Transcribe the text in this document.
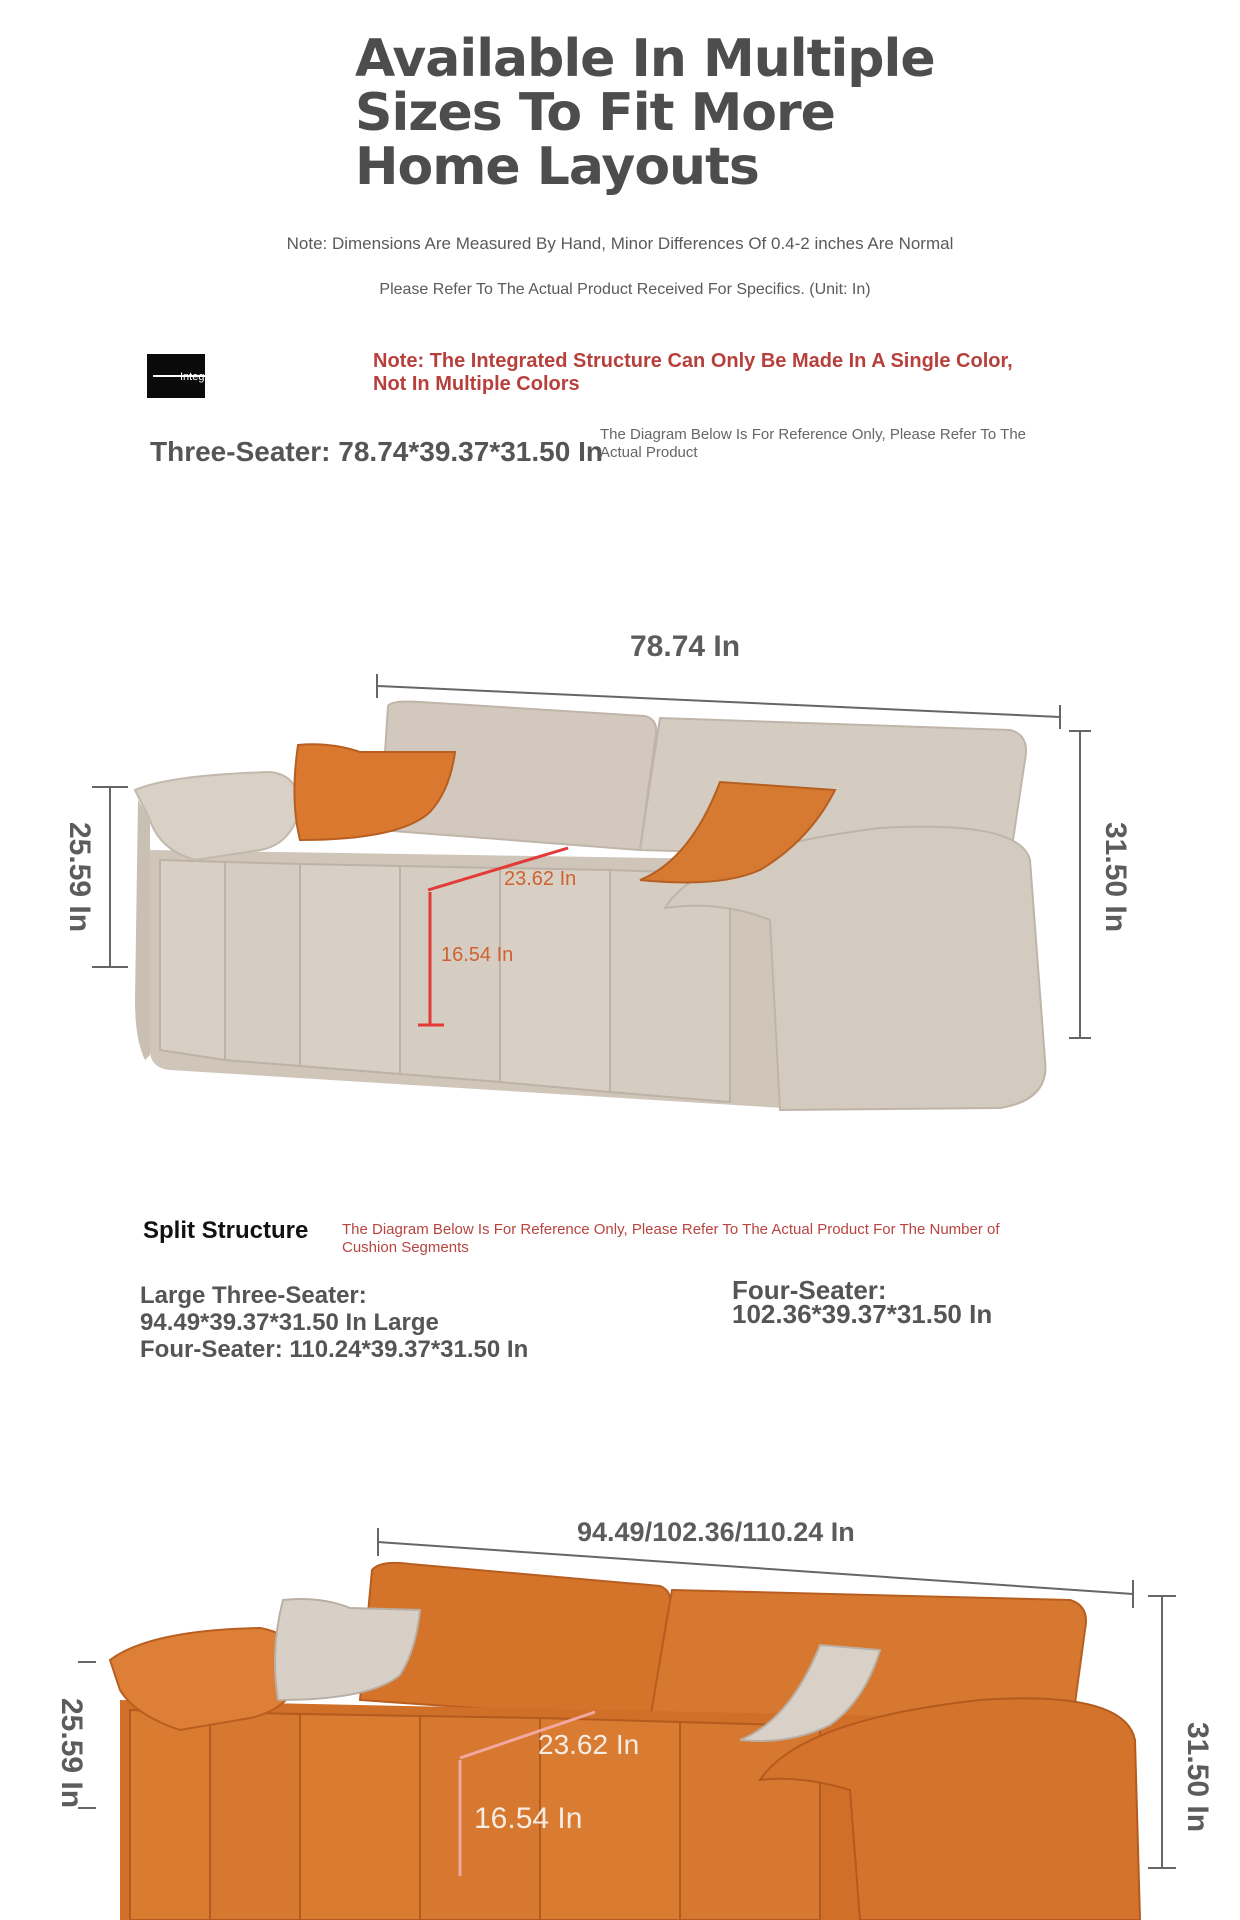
Available In Multiple
Sizes To Fit More
Home Layouts
Note: Dimensions Are Measured By Hand, Minor Differences Of 0.4-2 inches Are Normal
Please Refer To The Actual Product Received For Specifics. (Unit: In)
Integrated Structure
Note: The Integrated Structure Can Only Be Made In A Single Color, Not In Multiple Colors
Three-Seater: 78.74*39.37*31.50 In
The Diagram Below Is For Reference Only, Please Refer To The Actual Product
78.74 In
31.50 In
25.59 In	23.62 In
16.54 In
Split Structure The Diagram Below Is For Reference Only, Please Refer To The Actual Product For The Number of Cushion Segments
Large Three-Seater:
94.49*39.37*31.50 In Large
Four-Seater: 110.24*39.37*31.50 In
Four-Seater:
102.36*39.37*31.50 In
94.49/102.36/110.24 In
31.50 In
25.59 In	23.62 In
16.54 In
